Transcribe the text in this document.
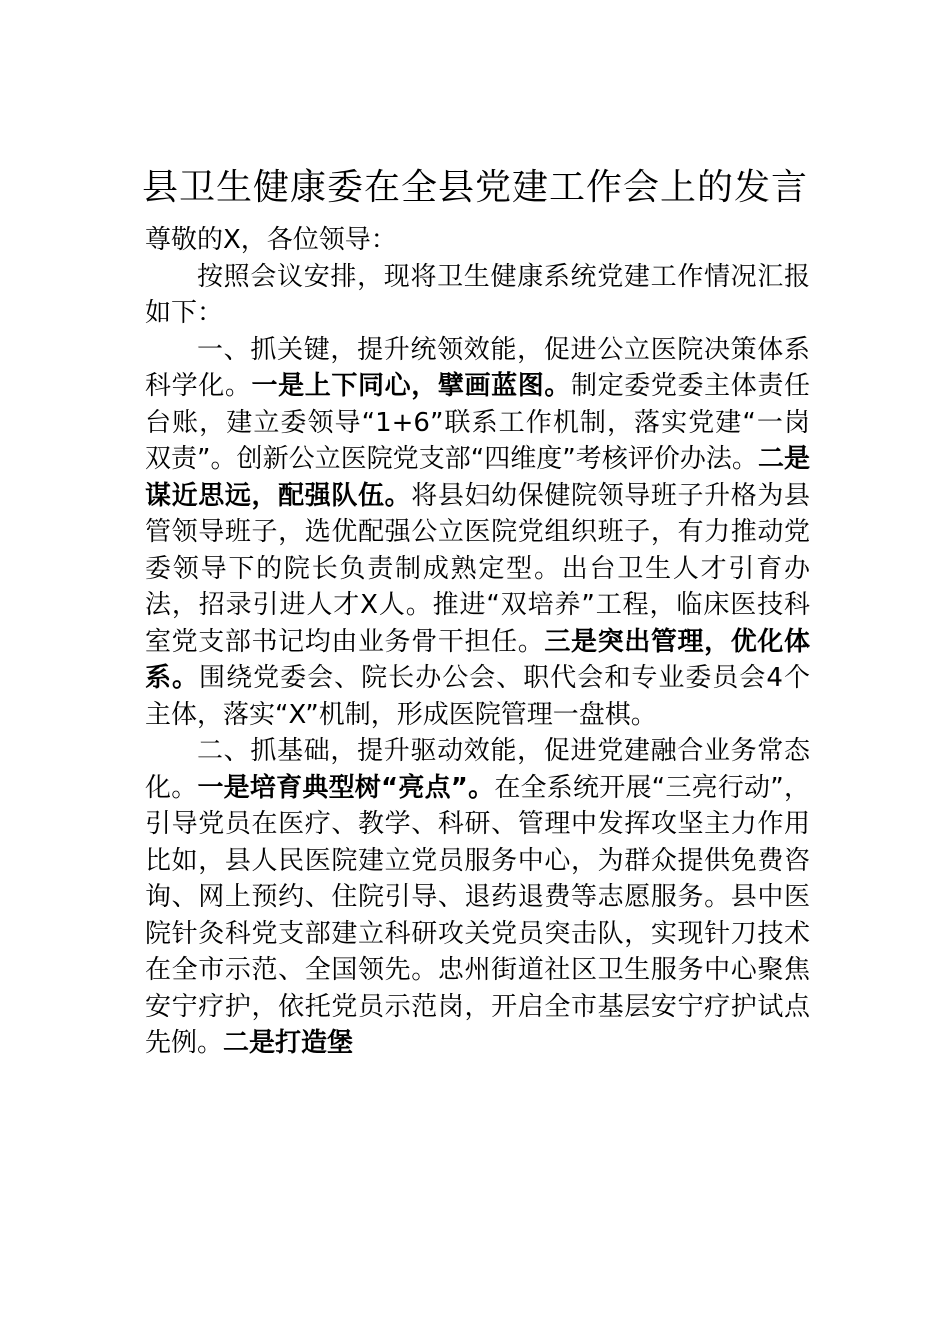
县卫生健康委在全县党建工作会上的发言

尊敬的X，各位领导：

按照会议安排，现将卫生健康系统党建工作情况汇报如下：

一、抓关键，提升统领效能，促进公立医院决策体系科学化。一是上下同心，擘画蓝图。制定委党委主体责任台账，建立委领导“1+6”联系工作机制，落实党建“一岗双责”。创新公立医院党支部“四维度”考核评价办法。二是谋近思远，配强队伍。将县妇幼保健院领导班子升格为县管领导班子，选优配强公立医院党组织班子，有力推动党委领导下的院长负责制成熟定型。出台卫生人才引育办法，招录引进人才X人。推进“双培养”工程，临床医技科室党支部书记均由业务骨干担任。三是突出管理，优化体系。围绕党委会、院长办公会、职代会和专业委员会4个主体，落实“X”机制，形成医院管理一盘棋。

二、抓基础，提升驱动效能，促进党建融合业务常态化。一是培育典型树“亮点”。在全系统开展“三亮行动”，引导党员在医疗、教学、科研、管理中发挥攻坚主力作用比如，县人民医院建立党员服务中心，为群众提供免费咨询、网上预约、住院引导、退药退费等志愿服务。县中医院针灸科党支部建立科研攻关党员突击队，实现针刀技术在全市示范、全国领先。忠州街道社区卫生服务中心聚焦安宁疗护，依托党员示范岗，开启全市基层安宁疗护试点先例。二是打造堡
